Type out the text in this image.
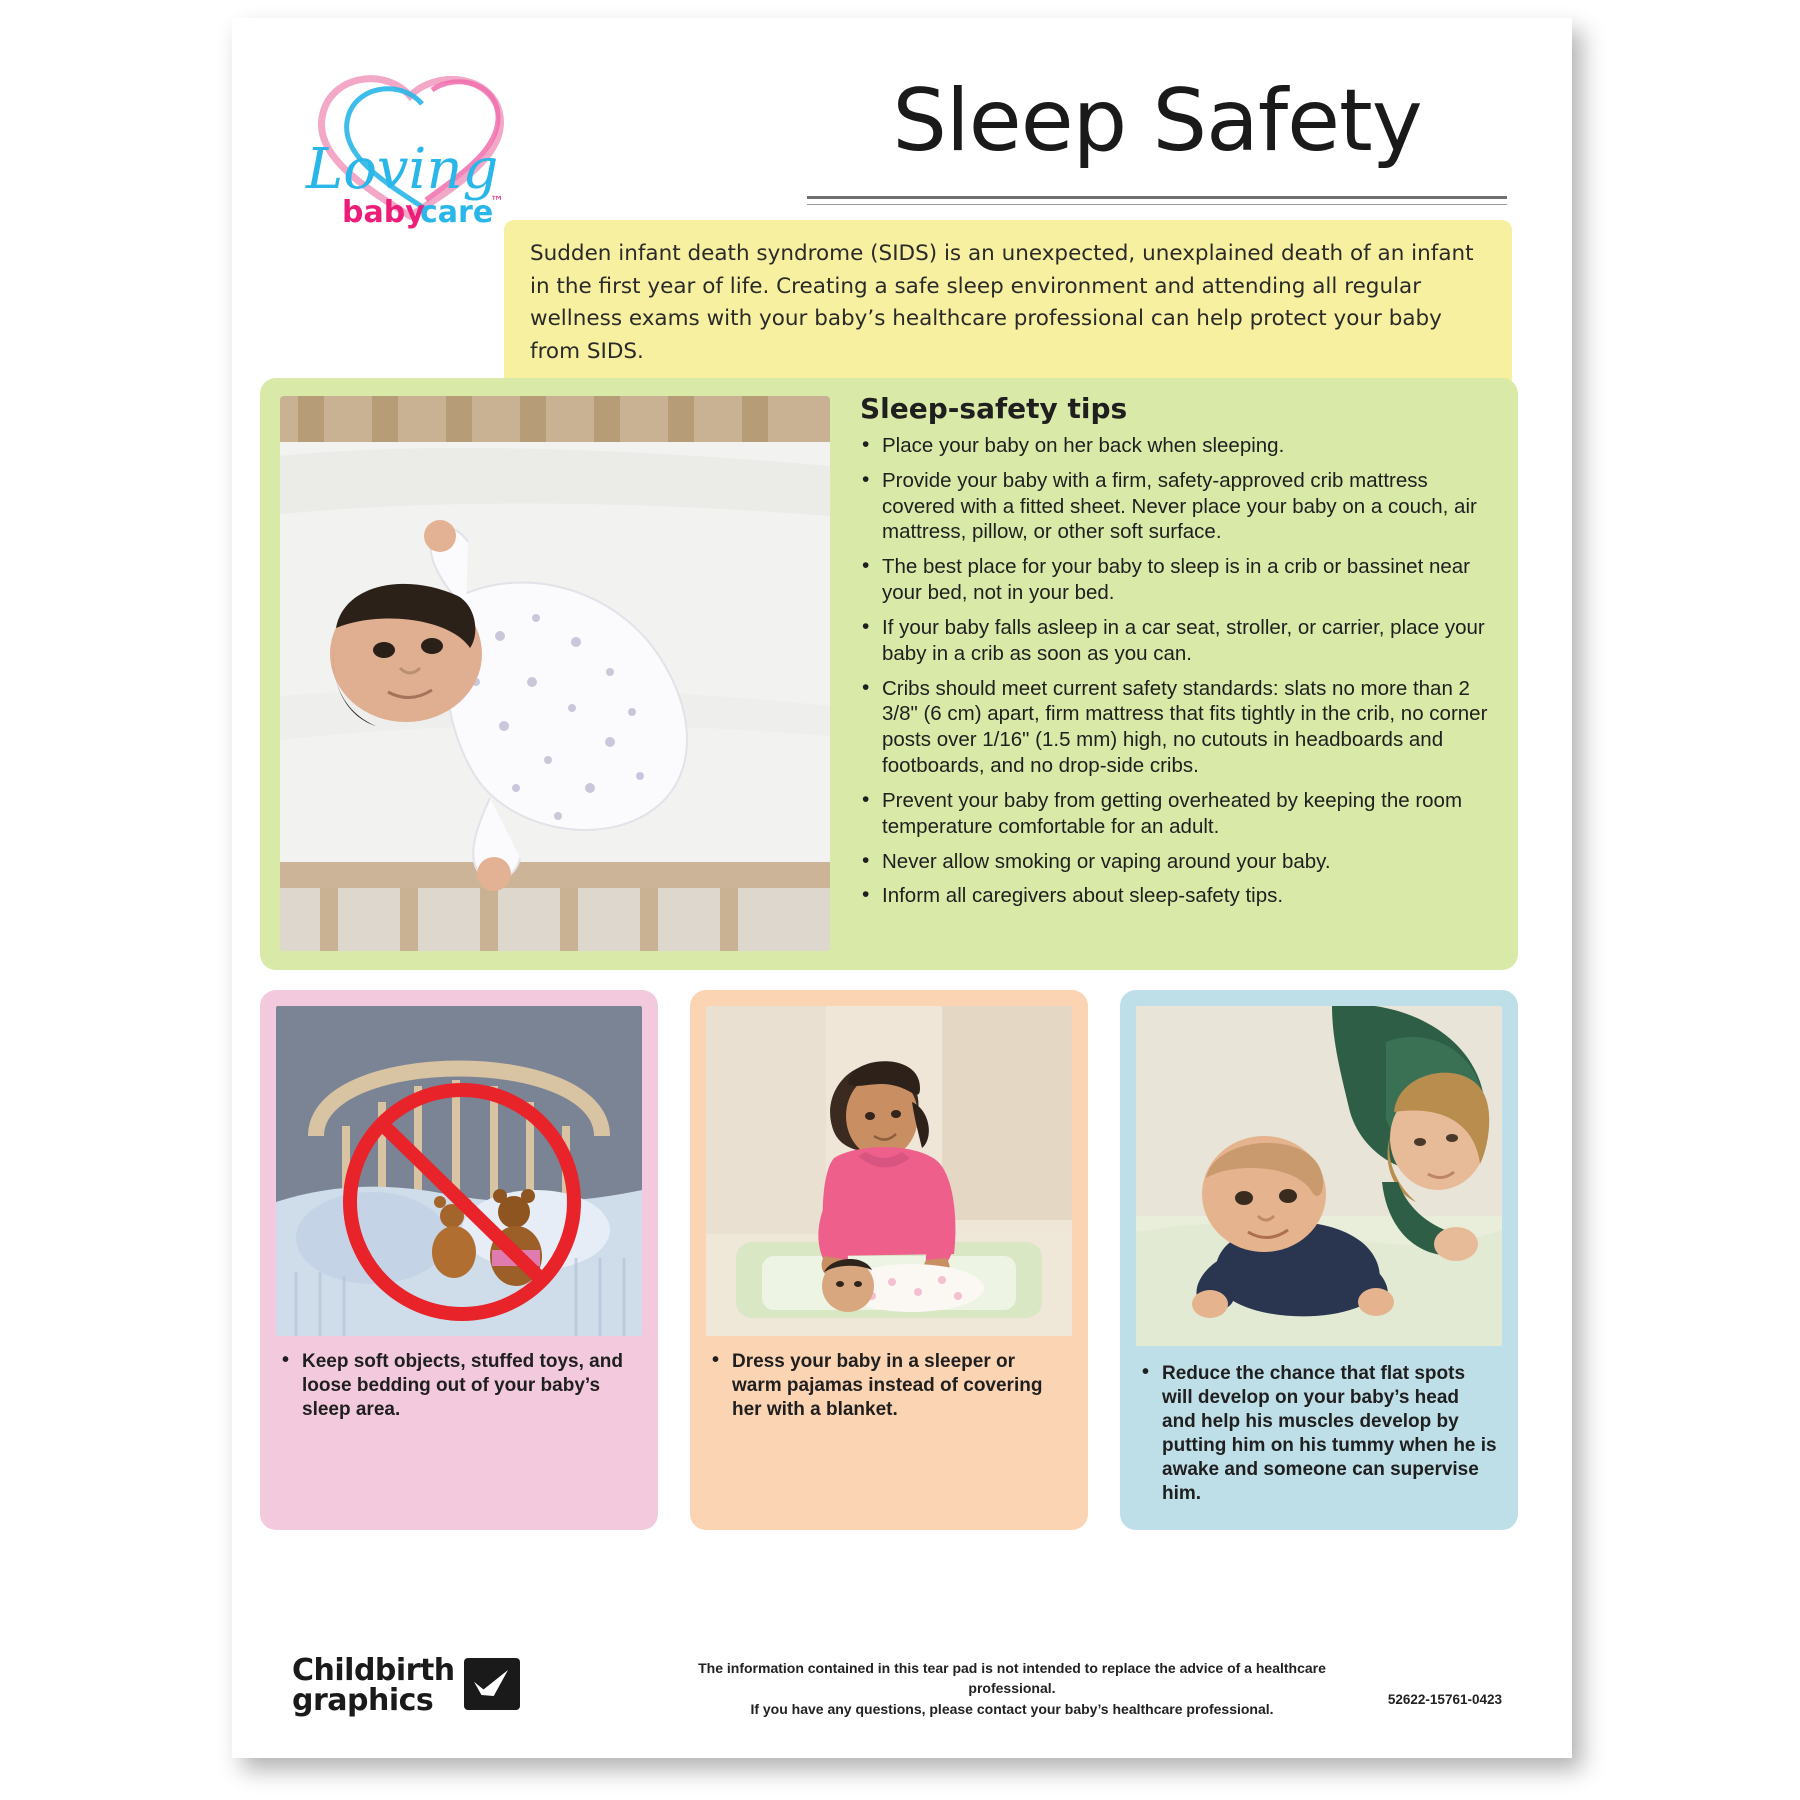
Loving
baby
care
™
Sleep Safety

Sudden infant death syndrome (SIDS) is an unexpected, unexplained death of an infant in the first year of life. Creating a safe sleep environment and attending all regular wellness exams with your baby’s healthcare professional can help protect your baby from SIDS.

Sleep-safety tips
• Place your baby on her back when sleeping.
• Provide your baby with a firm, safety-approved crib mattress covered with a fitted sheet. Never place your baby on a couch, air mattress, pillow, or other soft surface.
• The best place for your baby to sleep is in a crib or bassinet near your bed, not in your bed.
• If your baby falls asleep in a car seat, stroller, or carrier, place your baby in a crib as soon as you can.
• Cribs should meet current safety standards: slats no more than 2 3/8" (6 cm) apart, firm mattress that fits tightly in the crib, no corner posts over 1/16" (1.5 mm) high, no cutouts in headboards and footboards, and no drop-side cribs.
• Prevent your baby from getting overheated by keeping the room temperature comfortable for an adult.
• Never allow smoking or vaping around your baby.
• Inform all caregivers about sleep-safety tips.
• Keep soft objects, stuffed toys, and loose bedding out of your baby’s sleep area.
• Dress your baby in a sleeper or warm pajamas instead of covering her with a blanket.
• Reduce the chance that flat spots will develop on your baby’s head and help his muscles develop by putting him on his tummy when he is awake and someone can supervise him.
Childbirth
graphics
The information contained in this tear pad is not intended to replace the advice of a healthcare professional.
If you have any questions, please contact your baby’s healthcare professional.
52622-15761-0423
